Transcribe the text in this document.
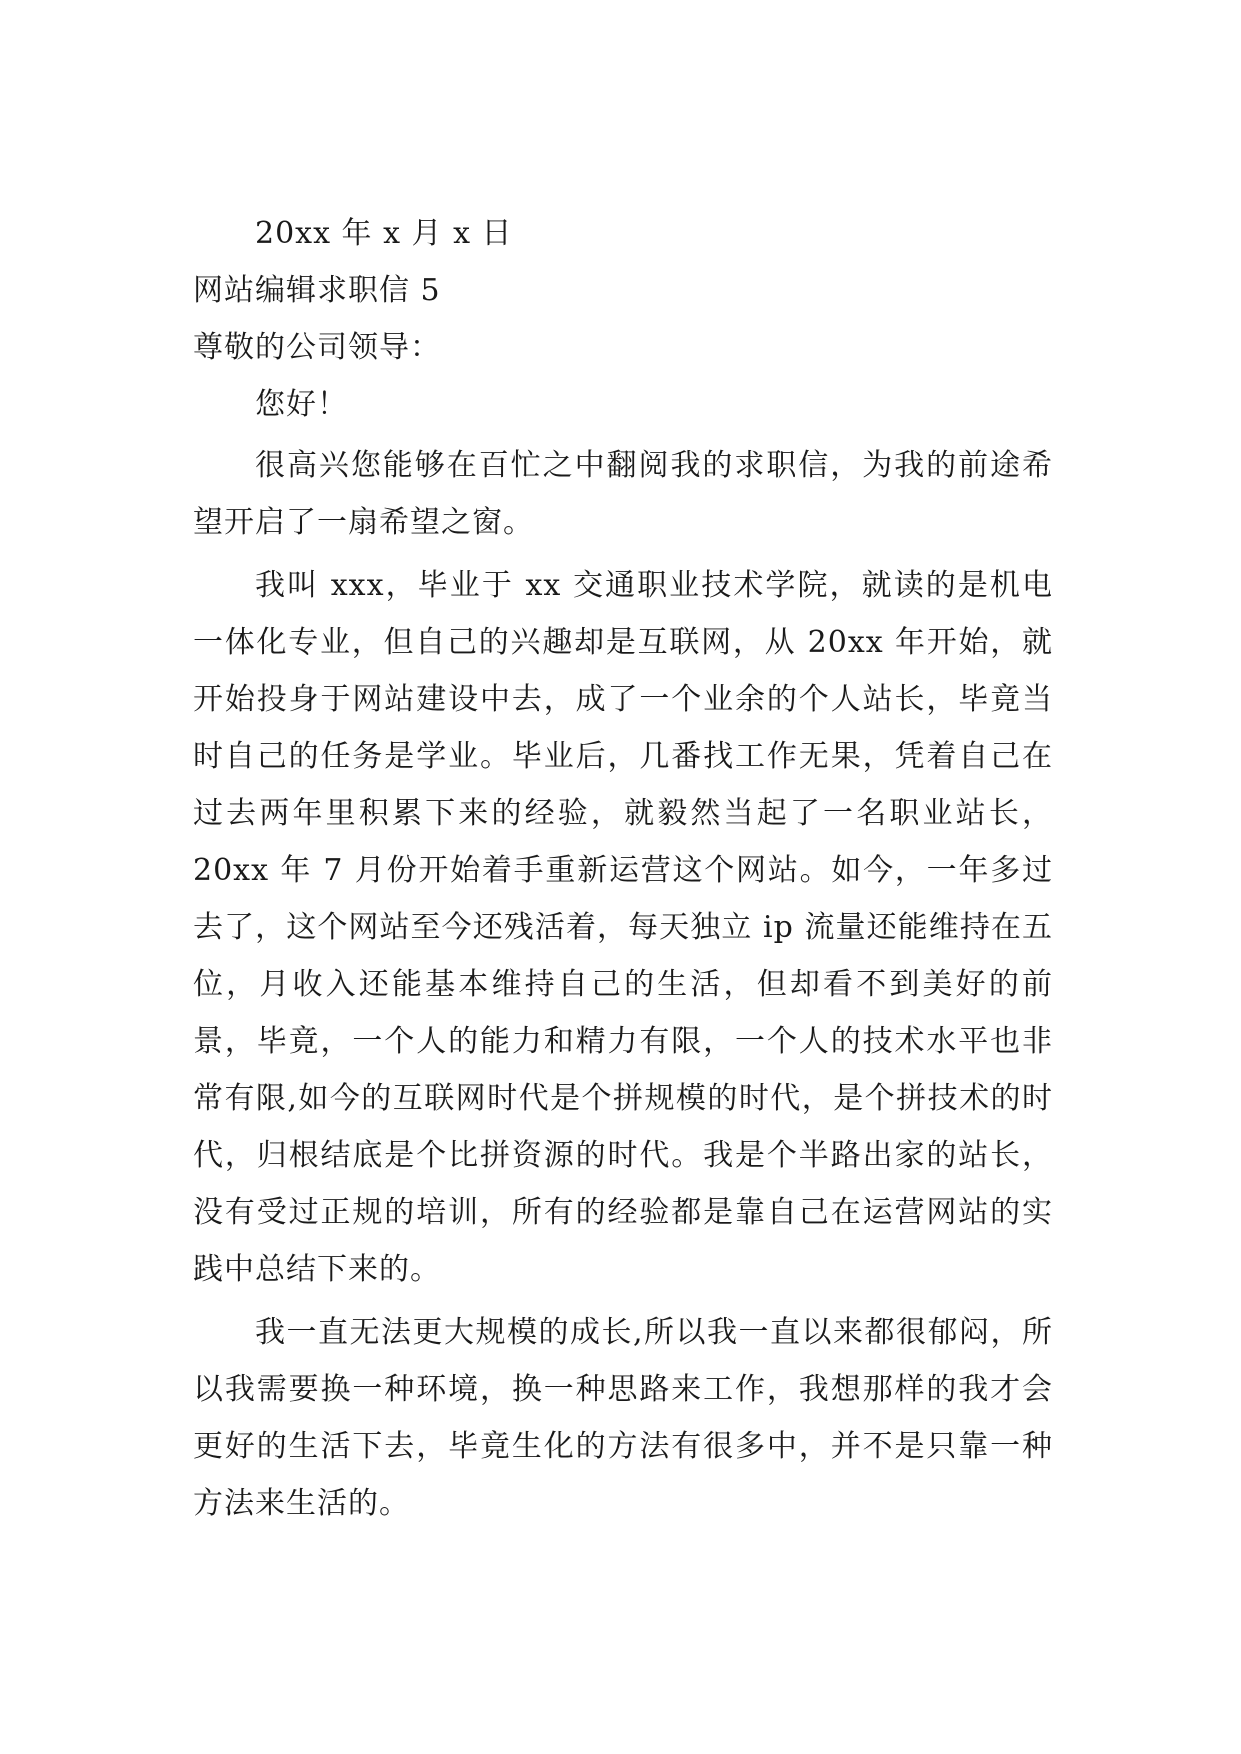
20xx 年 x 月 x 日

网站编辑求职信 5

尊敬的公司领导：

您好！

很高兴您能够在百忙之中翻阅我的求职信，为我的前途希望开启了一扇希望之窗。

我叫 xxx，毕业于 xx 交通职业技术学院，就读的是机电一体化专业，但自己的兴趣却是互联网，从 20xx 年开始，就开始投身于网站建设中去，成了一个业余的个人站长，毕竟当时自己的任务是学业。毕业后，几番找工作无果，凭着自己在过去两年里积累下来的经验，就毅然当起了一名职业站长，20xx 年 7 月份开始着手重新运营这个网站。如今，一年多过去了，这个网站至今还残活着，每天独立 ip 流量还能维持在五位，月收入还能基本维持自己的生活，但却看不到美好的前景，毕竟，一个人的能力和精力有限，一个人的技术水平也非常有限,如今的互联网时代是个拼规模的时代，是个拼技术的时代，归根结底是个比拼资源的时代。我是个半路出家的站长，没有受过正规的培训，所有的经验都是靠自己在运营网站的实践中总结下来的。

我一直无法更大规模的成长,所以我一直以来都很郁闷，所以我需要换一种环境，换一种思路来工作，我想那样的我才会更好的生活下去，毕竟生化的方法有很多中，并不是只靠一种方法来生活的。
